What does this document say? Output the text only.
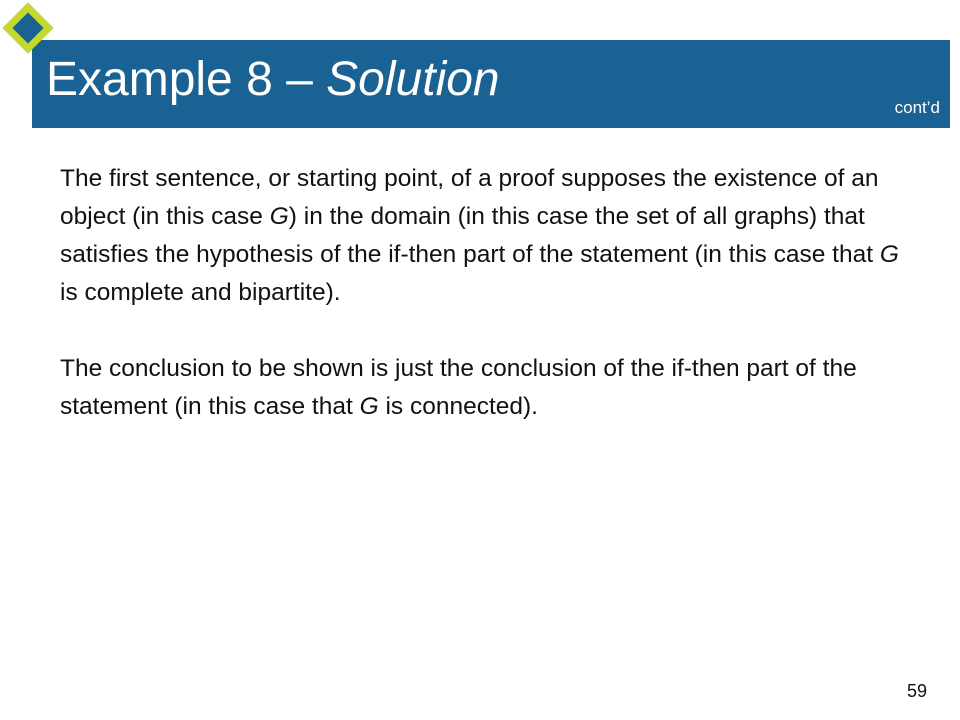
Example 8 – Solution
cont’d

The first sentence, or starting point, of a proof supposes the existence of an object (in this case G) in the domain (in this case the set of all graphs) that satisfies the hypothesis of the if-then part of the statement (in this case that G is complete and bipartite).

The conclusion to be shown is just the conclusion of the if-then part of the statement (in this case that G is connected).

59
